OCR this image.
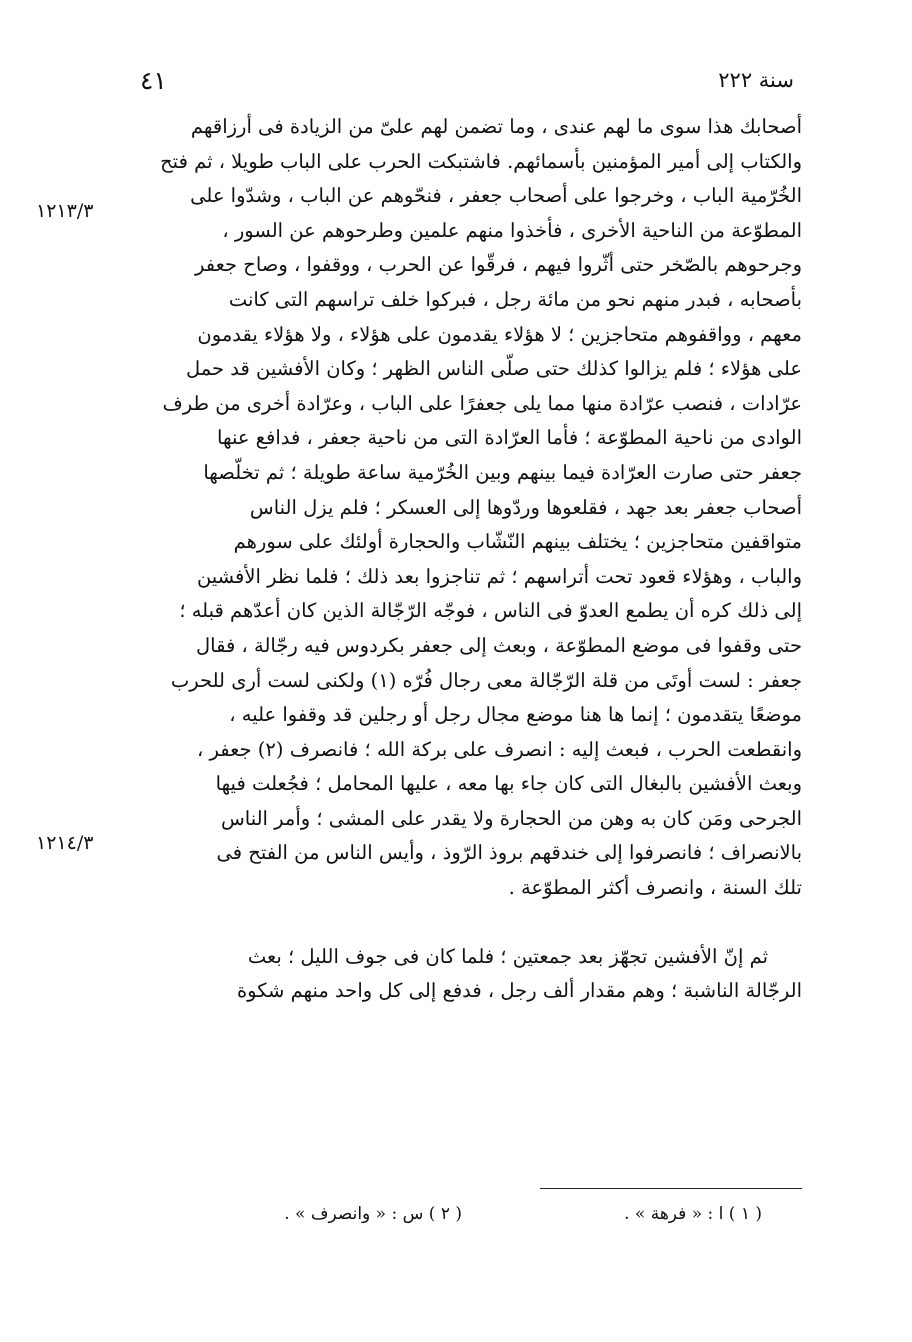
٤١	سنة ٢٢٢
١٢١٣/٣
١٢١٤/٣
أصحابك هذا سوى ما لهم عندى ، وما تضمن لهم علىّ من الزيادة فى أرزاقهم
والكتاب إلى أمير المؤمنين بأسمائهم. فاشتبكت الحرب على الباب طويلا ، ثم فتح
الخُرّمية الباب ، وخرجوا على أصحاب جعفر ، فنحّوهم عن الباب ، وشدّوا على
المطوّعة من الناحية الأخرى ، فأخذوا منهم علمين وطرحوهم عن السور ،
وجرحوهم بالصّخر حتى أثّروا فيهم ، فرقّوا عن الحرب ، ووقفوا ، وصاح جعفر
بأصحابه ، فبدر منهم نحو من مائة رجل ، فبركوا خلف تراسهم التى كانت
معهم ، وواقفوهم متحاجزين ؛ لا هؤلاء يقدمون على هؤلاء ، ولا هؤلاء يقدمون
على هؤلاء ؛ فلم يزالوا كذلك حتى صلّى الناس الظهر ؛ وكان الأفشين قد حمل
عرّادات ، فنصب عرّادة منها مما يلى جعفرًا على الباب ، وعرّادة أخرى من طرف
الوادى من ناحية المطوّعة ؛ فأما العرّادة التى من ناحية جعفر ، فدافع عنها
جعفر حتى صارت العرّادة فيما بينهم وبين الخُرّمية ساعة طويلة ؛ ثم تخلّصها
أصحاب جعفر بعد جهد ، فقلعوها وردّوها إلى العسكر ؛ فلم يزل الناس
متواقفين متحاجزين ؛ يختلف بينهم النّشّاب والحجارة أولئك على سورهم
والباب ، وهؤلاء قعود تحت أتراسهم ؛ ثم تناجزوا بعد ذلك ؛ فلما نظر الأفشين
إلى ذلك كره أن يطمع العدوّ فى الناس ، فوجّه الرّجّالة الذين كان أعدّهم قبله ؛
حتى وقفوا فى موضع المطوّعة ، وبعث إلى جعفر بكردوس فيه رجّالة ، فقال
جعفر : لست أوتَى من قلة الرّجّالة معى رجال فُرّه (١) ولكنى لست أرى للحرب
موضعًا يتقدمون ؛ إنما ها هنا موضع مجال رجل أو رجلين قد وقفوا عليه ،
وانقطعت الحرب ، فبعث إليه : انصرف على بركة الله ؛ فانصرف (٢) جعفر ،
وبعث الأفشين بالبغال التى كان جاء بها معه ، عليها المحامل ؛ فجُعلت فيها
الجرحى ومَن كان به وهن من الحجارة ولا يقدر على المشى ؛ وأمر الناس
بالانصراف ؛ فانصرفوا إلى خندقهم بروذ الرّوذ ، وأيس الناس من الفتح فى
تلك السنة ، وانصرف أكثر المطوّعة .
ثم إنّ الأفشين تجهّز بعد جمعتين ؛ فلما كان فى جوف الليل ؛ بعث
الرجّالة الناشبة ؛ وهم مقدار ألف رجل ، فدفع إلى كل واحد منهم شكوة
( ١ ) ا : « فرهة » .
( ٢ ) س : « وانصرف » .
